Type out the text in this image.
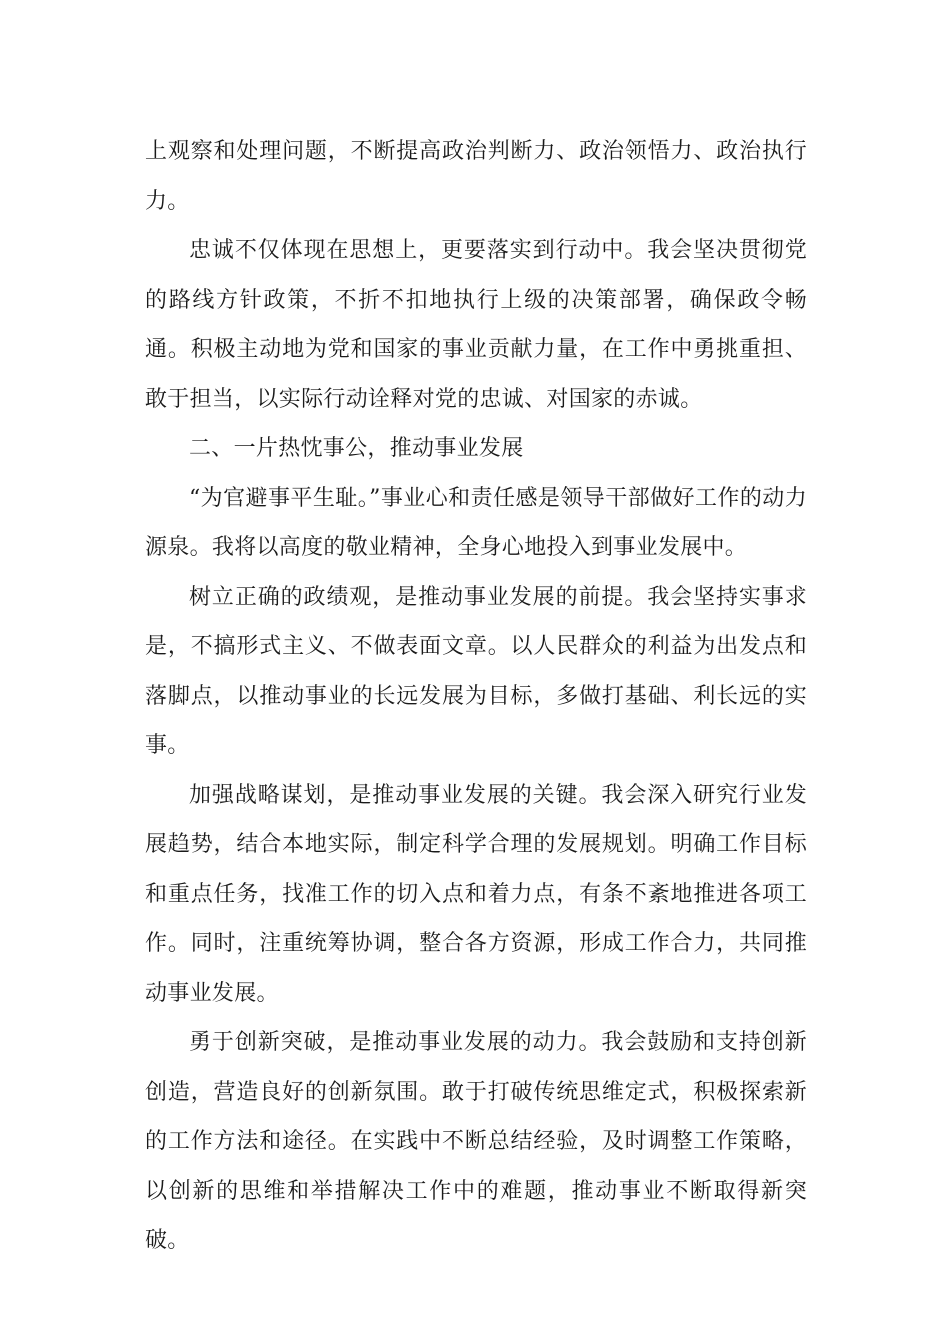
上观察和处理问题，不断提高政治判断力、政治领悟力、政治执行力。

忠诚不仅体现在思想上，更要落实到行动中。我会坚决贯彻党的路线方针政策，不折不扣地执行上级的决策部署，确保政令畅通。积极主动地为党和国家的事业贡献力量，在工作中勇挑重担、敢于担当，以实际行动诠释对党的忠诚、对国家的赤诚。

二、一片热忱事公，推动事业发展

“为官避事平生耻。”事业心和责任感是领导干部做好工作的动力源泉。我将以高度的敬业精神，全身心地投入到事业发展中。

树立正确的政绩观，是推动事业发展的前提。我会坚持实事求是，不搞形式主义、不做表面文章。以人民群众的利益为出发点和落脚点，以推动事业的长远发展为目标，多做打基础、利长远的实事。

加强战略谋划，是推动事业发展的关键。我会深入研究行业发展趋势，结合本地实际，制定科学合理的发展规划。明确工作目标和重点任务，找准工作的切入点和着力点，有条不紊地推进各项工作。同时，注重统筹协调，整合各方资源，形成工作合力，共同推动事业发展。

勇于创新突破，是推动事业发展的动力。我会鼓励和支持创新创造，营造良好的创新氛围。敢于打破传统思维定式，积极探索新的工作方法和途径。在实践中不断总结经验，及时调整工作策略，以创新的思维和举措解决工作中的难题，推动事业不断取得新突破。
